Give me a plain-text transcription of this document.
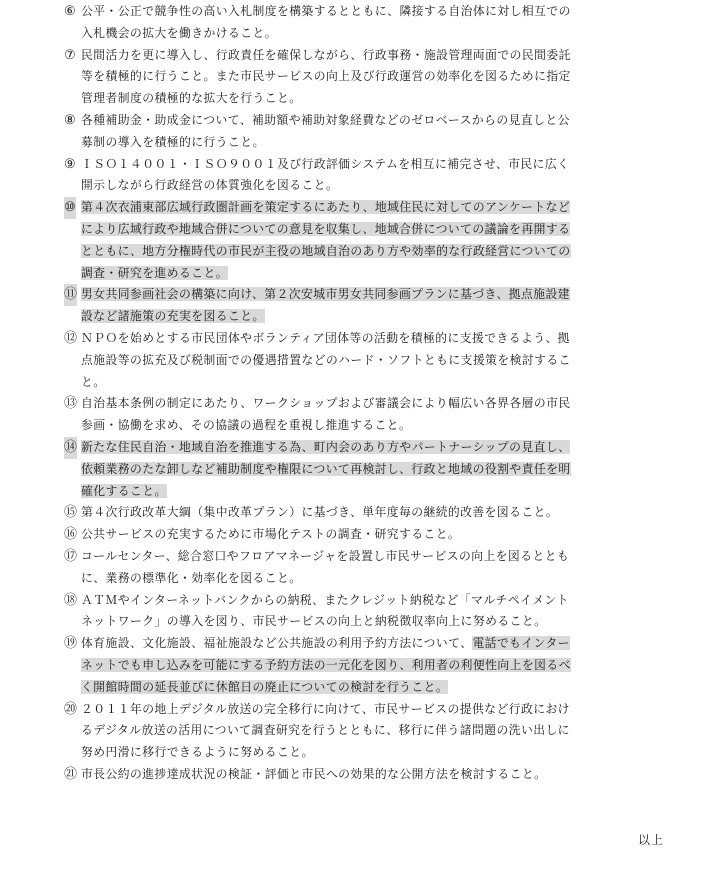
⑥ 公平・公正で競争性の高い入札制度を構築するとともに、隣接する自治体に対し相互での
入札機会の拡大を働きかけること。
⑦ 民間活力を更に導入し、行政責任を確保しながら、行政事務・施設管理両面での民間委託
等を積極的に行うこと。また市民サービスの向上及び行政運営の効率化を図るために指定
管理者制度の積極的な拡大を行うこと。
⑧ 各種補助金・助成金について、補助額や補助対象経費などのゼロベースからの見直しと公
募制の導入を積極的に行うこと。
⑨ ＩＳＯ１４００１・ＩＳＯ９００１及び行政評価システムを相互に補完させ、市民に広く
開示しながら行政経営の体質強化を図ること。
⑩ 第４次衣浦東部広域行政圏計画を策定するにあたり、地域住民に対してのアンケートなど
により広域行政や地域合併についての意見を収集し、地域合併についての議論を再開する
とともに、地方分権時代の市民が主役の地域自治のあり方や効率的な行政経営についての
調査・研究を進めること。
⑪ 男女共同参画社会の構築に向け、第２次安城市男女共同参画プランに基づき、拠点施設建
設など諸施策の充実を図ること。
⑫ ＮＰＯを始めとする市民団体やボランティア団体等の活動を積極的に支援できるよう、拠
点施設等の拡充及び税制面での優遇措置などのハード・ソフトともに支援策を検討するこ
と。
⑬ 自治基本条例の制定にあたり、ワークショップおよび審議会により幅広い各界各層の市民
参画・協働を求め、その協議の過程を重視し推進すること。
⑭ 新たな住民自治・地域自治を推進する為、町内会のあり方やパートナーシップの見直し、
依頼業務のたな卸しなど補助制度や権限について再検討し、行政と地域の役割や責任を明
確化すること。
⑮ 第４次行政改革大綱（集中改革プラン）に基づき、単年度毎の継続的改善を図ること。
⑯ 公共サービスの充実するために市場化テストの調査・研究すること。
⑰ コールセンター、総合窓口やフロアマネージャを設置し市民サービスの向上を図るととも
に、業務の標準化・効率化を図ること。
⑱ ＡＴＭやインターネットバンクからの納税、またクレジット納税など「マルチペイメント
ネットワーク」の導入を図り、市民サービスの向上と納税徴収率向上に努めること。
⑲ 体育施設、文化施設、福祉施設など公共施設の利用予約方法について、電話でもインター
ネットでも申し込みを可能にする予約方法の一元化を図り、利用者の利便性向上を図るべ
く開館時間の延長並びに休館日の廃止についての検討を行うこと。
⑳ ２０１１年の地上デジタル放送の完全移行に向けて、市民サービスの提供など行政におけ
るデジタル放送の活用について調査研究を行うとともに、移行に伴う諸問題の洗い出しに
努め円滑に移行できるように努めること。
㉑ 市長公約の進捗達成状況の検証・評価と市民への効果的な公開方法を検討すること。
以上
